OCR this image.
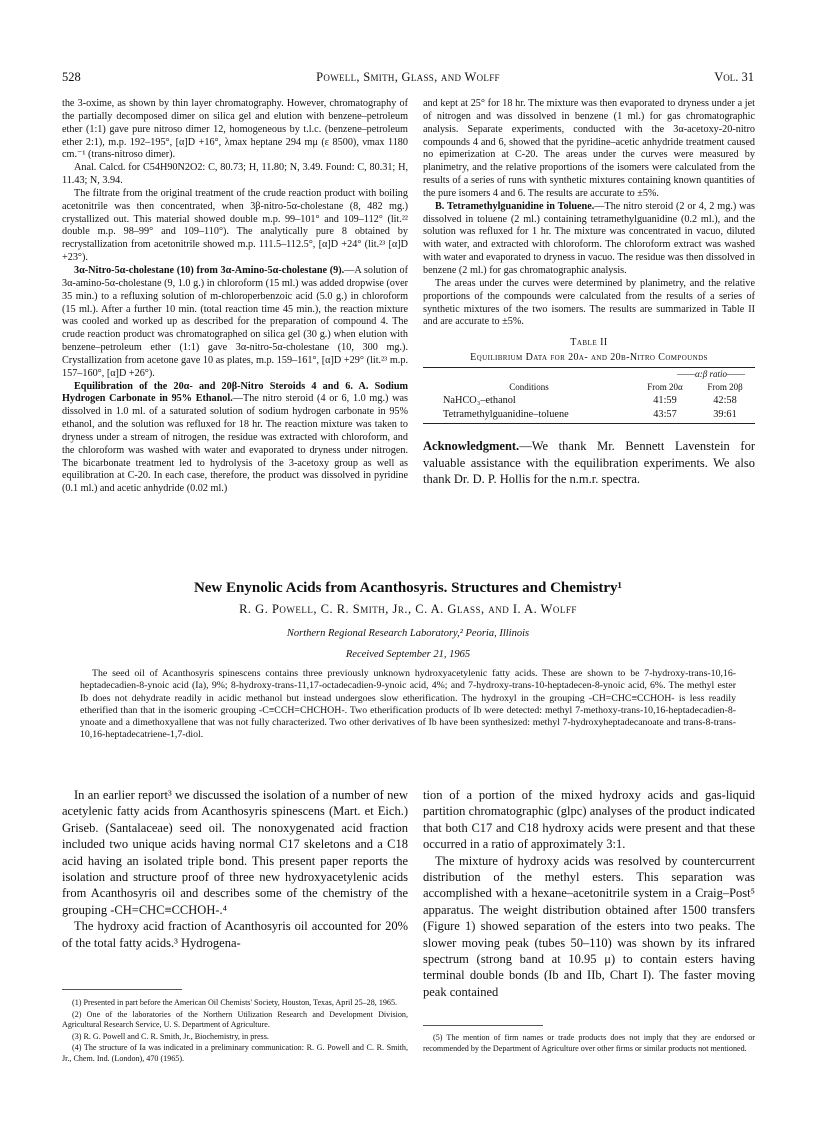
528	Powell, Smith, Glass, and Wolff	Vol. 31

the 3-oxime, as shown by thin layer chromatography. However, chromatography of the partially decomposed dimer on silica gel and elution with benzene–petroleum ether (1:1) gave pure nitroso dimer 12, homogeneous by t.l.c. (benzene–petroleum ether 2:1), m.p. 192–195°, [α]D +16°, λmax heptane 294 mμ (ε 8500), νmax 1180 cm.⁻¹ (trans-nitroso dimer).

Anal. Calcd. for C54H90N2O2: C, 80.73; H, 11.80; N, 3.49. Found: C, 80.31; H, 11.43; N, 3.94.

The filtrate from the original treatment of the crude reaction product with boiling acetonitrile was then concentrated, when 3β-nitro-5α-cholestane (8, 482 mg.) crystallized out. This material showed double m.p. 99–101° and 109–112° (lit.²² double m.p. 98–99° and 109–110°). The analytically pure 8 obtained by recrystallization from acetonitrile showed m.p. 111.5–112.5°, [α]D +24° (lit.²³ [α]D +23°).

3α-Nitro-5α-cholestane (10) from 3α-Amino-5α-cholestane (9).—A solution of 3α-amino-5α-cholestane (9, 1.0 g.) in chloroform (15 ml.) was added dropwise (over 35 min.) to a refluxing solution of m-chloroperbenzoic acid (5.0 g.) in chloroform (15 ml.). After a further 10 min. (total reaction time 45 min.), the reaction mixture was cooled and worked up as described for the preparation of compound 4. The crude reaction product was chromatographed on silica gel (30 g.) when elution with benzene–petroleum ether (1:1) gave 3α-nitro-5α-cholestane (10, 300 mg.). Crystallization from acetone gave 10 as plates, m.p. 159–161°, [α]D +29° (lit.²³ m.p. 157–160°, [α]D +26°).

Equilibration of the 20α- and 20β-Nitro Steroids 4 and 6. A. Sodium Hydrogen Carbonate in 95% Ethanol.—The nitro steroid (4 or 6, 1.0 mg.) was dissolved in 1.0 ml. of a saturated solution of sodium hydrogen carbonate in 95% ethanol, and the solution was refluxed for 18 hr. The reaction mixture was taken to dryness under a stream of nitrogen, the residue was extracted with chloroform, and the chloroform was washed with water and evaporated to dryness under nitrogen. The bicarbonate treatment led to hydrolysis of the 3-acetoxy group as well as equilibration at C-20. In each case, therefore, the product was dissolved in pyridine (0.1 ml.) and acetic anhydride (0.02 ml.)

and kept at 25° for 18 hr. The mixture was then evaporated to dryness under a jet of nitrogen and was dissolved in benzene (1 ml.) for gas chromatographic analysis. Separate experiments, conducted with the 3α-acetoxy-20-nitro compounds 4 and 6, showed that the pyridine–acetic anhydride treatment caused no epimerization at C-20. The areas under the curves were measured by planimetry, and the relative proportions of the isomers were calculated from the results of a series of runs with synthetic mixtures containing known quantities of the pure isomers 4 and 6. The results are accurate to ±5%.

B. Tetramethylguanidine in Toluene.—The nitro steroid (2 or 4, 2 mg.) was dissolved in toluene (2 ml.) containing tetramethylguanidine (0.2 ml.), and the solution was refluxed for 1 hr. The mixture was concentrated in vacuo, diluted with water, and extracted with chloroform. The chloroform extract was washed with water and evaporated to dryness in vacuo. The residue was then dissolved in benzene (2 ml.) for gas chromatographic analysis.

The areas under the curves were determined by planimetry, and the relative proportions of the compounds were calculated from the results of a series of synthetic mixtures of the two isomers. The results are summarized in Table II and are accurate to ±5%.

Table II
Equilibrium Data for 20α- and 20β-Nitro Compounds
	——α:β ratio——	
Conditions	From 20α	From 20β
NaHCO₃–ethanol	41:59	42:58
Tetramethylguanidine–toluene	43:57	39:61
Acknowledgment.—We thank Mr. Bennett Lavenstein for valuable assistance with the equilibration experiments. We also thank Dr. D. P. Hollis for the n.m.r. spectra.
New Enynolic Acids from Acanthosyris. Structures and Chemistry¹
R. G. Powell, C. R. Smith, Jr., C. A. Glass, and I. A. Wolff
Northern Regional Research Laboratory,² Peoria, Illinois
Received September 21, 1965
The seed oil of Acanthosyris spinescens contains three previously unknown hydroxyacetylenic fatty acids. These are shown to be 7-hydroxy-trans-10,16-heptadecadien-8-ynoic acid (Ia), 9%; 8-hydroxy-trans-11,17-octadecadien-9-ynoic acid, 4%; and 7-hydroxy-trans-10-heptadecen-8-ynoic acid, 6%. The methyl ester Ib does not dehydrate readily in acidic methanol but instead undergoes slow etherification. The hydroxyl in the grouping -CH=CHC≡CCHOH- is less readily etherified than that in the isomeric grouping -C≡CCH=CHCHOH-. Two etherification products of Ib were detected: methyl 7-methoxy-trans-10,16-heptadecadien-8-ynoate and a dimethoxyallene that was not fully characterized. Two other derivatives of Ib have been synthesized: methyl 7-hydroxyheptadecanoate and trans-8-trans-10,16-heptadecatriene-1,7-diol.

In an earlier report³ we discussed the isolation of a number of new acetylenic fatty acids from Acanthosyris spinescens (Mart. et Eich.) Griseb. (Santalaceae) seed oil. The nonoxygenated acid fraction included two unique acids having normal C17 skeletons and a C18 acid having an isolated triple bond. This present paper reports the isolation and structure proof of three new hydroxyacetylenic acids from Acanthosyris oil and describes some of the chemistry of the grouping -CH=CHC≡CCHOH-.⁴

The hydroxy acid fraction of Acanthosyris oil accounted for 20% of the total fatty acids.³ Hydrogena-

tion of a portion of the mixed hydroxy acids and gas-liquid partition chromatographic (glpc) analyses of the product indicated that both C17 and C18 hydroxy acids were present and that these occurred in a ratio of approximately 3:1.

The mixture of hydroxy acids was resolved by countercurrent distribution of the methyl esters. This separation was accomplished with a hexane–acetonitrile system in a Craig–Post⁵ apparatus. The weight distribution obtained after 1500 transfers (Figure 1) showed separation of the esters into two peaks. The slower moving peak (tubes 50–110) was shown by its infrared spectrum (strong band at 10.95 μ) to contain esters having terminal double bonds (Ib and IIb, Chart I). The faster moving peak contained

(1) Presented in part before the American Oil Chemists' Society, Houston, Texas, April 25–28, 1965.

(2) One of the laboratories of the Northern Utilization Research and Development Division, Agricultural Research Service, U. S. Department of Agriculture.

(3) R. G. Powell and C. R. Smith, Jr., Biochemistry, in press.

(4) The structure of Ia was indicated in a preliminary communication: R. G. Powell and C. R. Smith, Jr., Chem. Ind. (London), 470 (1965).

(5) The mention of firm names or trade products does not imply that they are endorsed or recommended by the Department of Agriculture over other firms or similar products not mentioned.
